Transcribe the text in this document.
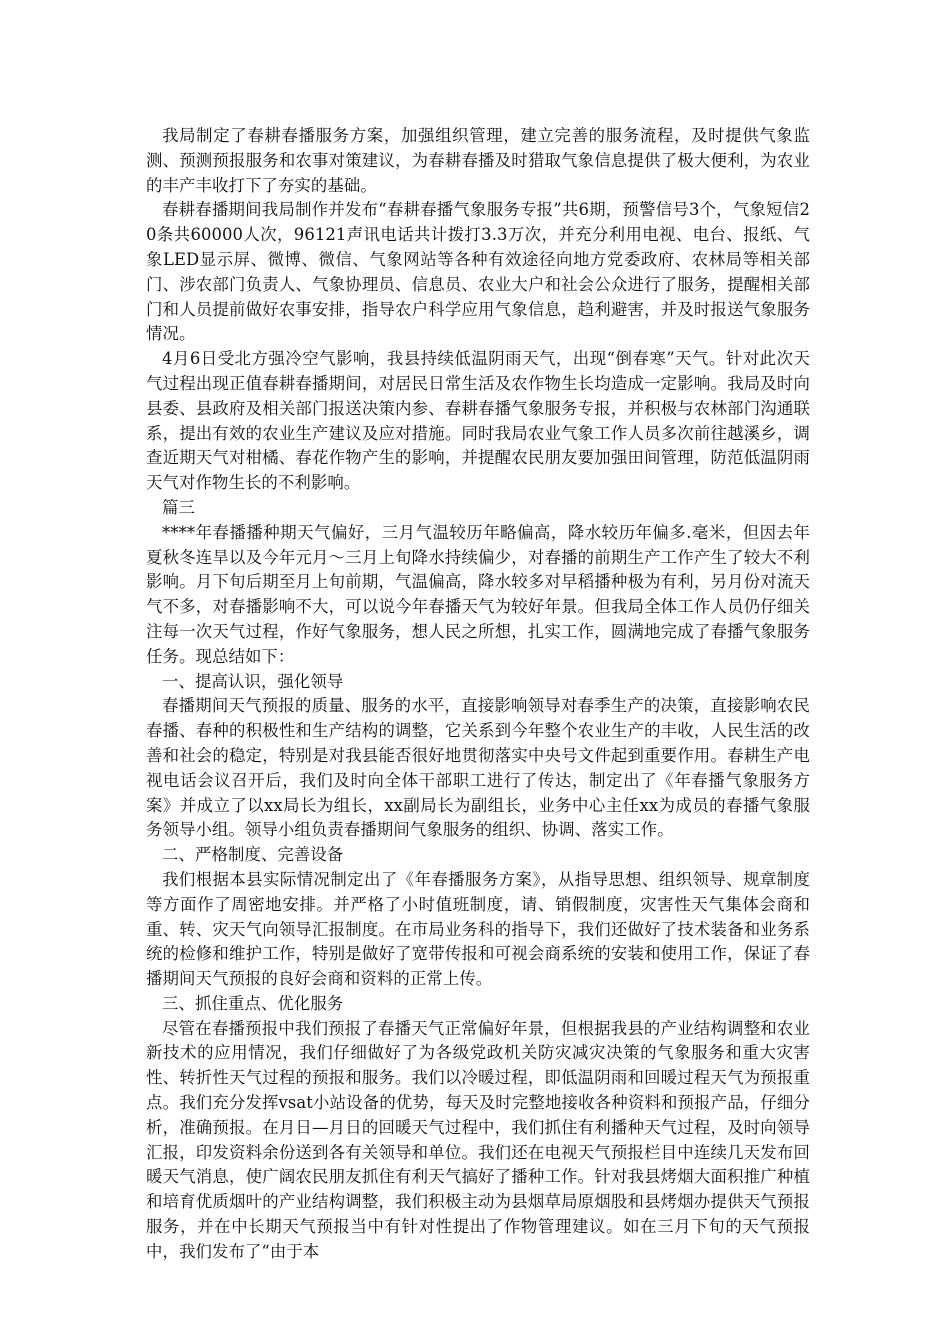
我局制定了春耕春播服务方案，加强组织管理，建立完善的服务流程，及时提供气象监测、预测预报服务和农事对策建议，为春耕春播及时猎取气象信息提供了极大便利，为农业的丰产丰收打下了夯实的基础。

春耕春播期间我局制作并发布“春耕春播气象服务专报”共6期，预警信号3个，气象短信20条共60000人次，96121声讯电话共计拨打3.3万次，并充分利用电视、电台、报纸、气象LED显示屏、微博、微信、气象网站等各种有效途径向地方党委政府、农林局等相关部门、涉农部门负责人、气象协理员、信息员、农业大户和社会公众进行了服务，提醒相关部门和人员提前做好农事安排，指导农户科学应用气象信息，趋利避害，并及时报送气象服务情况。

4月6日受北方强冷空气影响，我县持续低温阴雨天气，出现“倒春寒”天气。针对此次天气过程出现正值春耕春播期间，对居民日常生活及农作物生长均造成一定影响。我局及时向县委、县政府及相关部门报送决策内参、春耕春播气象服务专报，并积极与农林部门沟通联系，提出有效的农业生产建议及应对措施。同时我局农业气象工作人员多次前往越溪乡，调查近期天气对柑橘、春花作物产生的影响，并提醒农民朋友要加强田间管理，防范低温阴雨天气对作物生长的不利影响。

篇三

****年春播播种期天气偏好，三月气温较历年略偏高，降水较历年偏多.毫米，但因去年夏秋冬连旱以及今年元月～三月上旬降水持续偏少，对春播的前期生产工作产生了较大不利影响。月下旬后期至月上旬前期，气温偏高，降水较多对早稻播种极为有利，另月份对流天气不多，对春播影响不大，可以说今年春播天气为较好年景。但我局全体工作人员仍仔细关注每一次天气过程，作好气象服务，想人民之所想，扎实工作，圆满地完成了春播气象服务任务。现总结如下：

一、提高认识，强化领导

春播期间天气预报的质量、服务的水平，直接影响领导对春季生产的决策，直接影响农民春播、春种的积极性和生产结构的调整，它关系到今年整个农业生产的丰收，人民生活的改善和社会的稳定，特别是对我县能否很好地贯彻落实中央号文件起到重要作用。春耕生产电视电话会议召开后，我们及时向全体干部职工进行了传达，制定出了《年春播气象服务方案》并成立了以xx局长为组长，xx副局长为副组长，业务中心主任xx为成员的春播气象服务领导小组。领导小组负责春播期间气象服务的组织、协调、落实工作。

二、严格制度、完善设备

我们根据本县实际情况制定出了《年春播服务方案》，从指导思想、组织领导、规章制度等方面作了周密地安排。并严格了小时值班制度，请、销假制度，灾害性天气集体会商和重、转、灾天气向领导汇报制度。在市局业务科的指导下，我们还做好了技术装备和业务系统的检修和维护工作，特别是做好了宽带传报和可视会商系统的安装和使用工作，保证了春播期间天气预报的良好会商和资料的正常上传。

三、抓住重点、优化服务

尽管在春播预报中我们预报了春播天气正常偏好年景，但根据我县的产业结构调整和农业新技术的应用情况，我们仔细做好了为各级党政机关防灾减灾决策的气象服务和重大灾害性、转折性天气过程的预报和服务。我们以冷暖过程，即低温阴雨和回暖过程天气为预报重点。我们充分发挥vsat小站设备的优势，每天及时完整地接收各种资料和预报产品，仔细分析，准确预报。在月日—月日的回暖天气过程中，我们抓住有利播种天气过程，及时向领导汇报，印发资料余份送到各有关领导和单位。我们还在电视天气预报栏目中连续几天发布回暖天气消息，使广阔农民朋友抓住有利天气搞好了播种工作。针对我县烤烟大面积推广种植和培育优质烟叶的产业结构调整，我们积极主动为县烟草局原烟股和县烤烟办提供天气预报服务，并在中长期天气预报当中有针对性提出了作物管理建议。如在三月下旬的天气预报中，我们发布了“由于本
